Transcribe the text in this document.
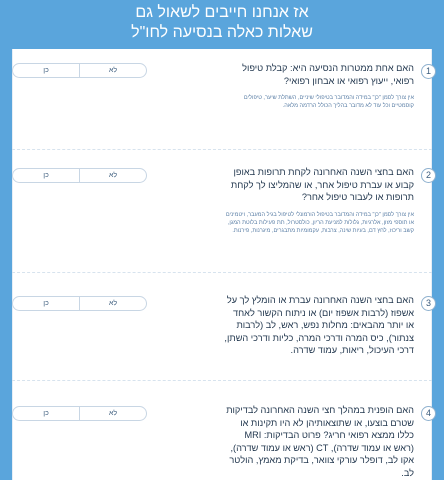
אז אנחנו חייבים לשאול גם
שאלות כאלה בנסיעה לחו"ל
1
האם אחת ממטרות הנסיעה היא: קבלת טיפול רפואי, ייעוץ רפואי או אבחון רפואי?
אין צורך לסמן "כן" במידה והמדובר בטיפולי שיניים, השתלת שיער, טיפולים קוסמטיים וכל עוד לא מדובר בהליך הכולל הרדמה מלאה.
לא
כן
2
האם בחצי השנה האחרונה לקחת תרופות באופן קבוע או עברת טיפול אחר, או שהמליצו לך לקחת תרופות או לעבור טיפול אחר?
אין צורך לסמן "כן" במידה והמדובר בטיפול הורמונלי לטיפול בגיל המעבר, ויטמינים או תוספי מזון, אלרגיות, גלולות למניעת הריון, כולסטרול, תת פעילות בלוטת המגן, קשב וריכוז, לחץ דם, בעיות שינה, צרבות, עקמומיות מתבגרים, מיגרנות, פירנות.
לא
כן
3
האם בחצי השנה האחרונה עברת או הומלץ לך על אשפוז (לרבות אשפוז יום) או ניתוח הקשור לאחד או יותר מהבאים: מחלות נפש, ראש, לב (לרבות צנתור), כיס המרה ודרכי המרה, כליות ודרכי השתן, דרכי העיכול, ריאות, עמוד שדרה.
לא
כן
4
האם הופנית במהלך חצי השנה האחרונה לבדיקות שטרם בוצעו, או שתוצאותיהן לא היו תקינות או כללו ממצא רפואי חריג? פרוט הבדיקות: MRI (ראש או עמוד שדרה), CT (ראש או עמוד שדרה), אקו לב, דופלר עורקי צוואר, בדיקת מאמץ, הולטר לב.
לא
כן
